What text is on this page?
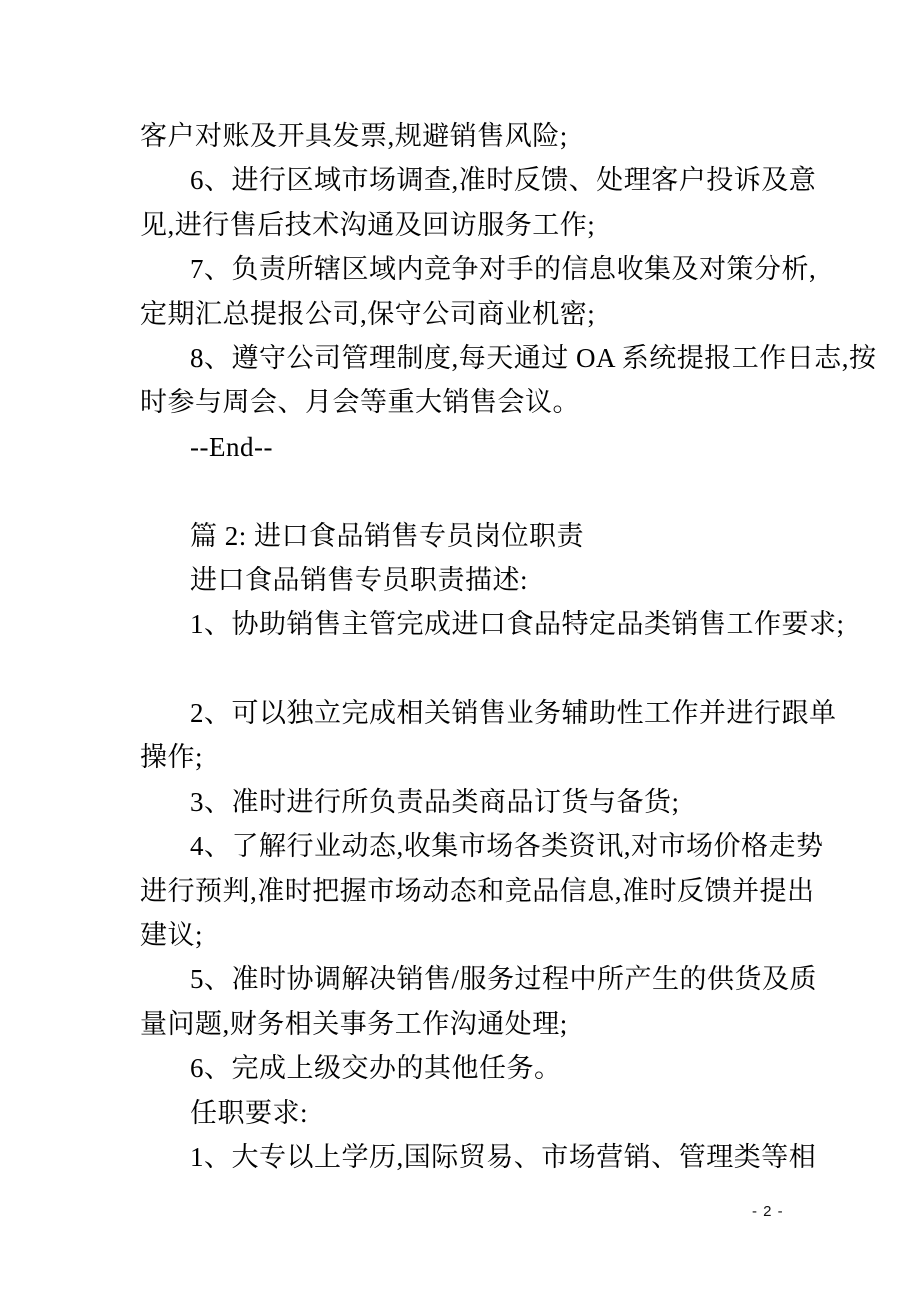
客户对账及开具发票,规避销售风险;
6、进行区域市场调查,准时反馈、处理客户投诉及意
见,进行售后技术沟通及回访服务工作;
7、负责所辖区域内竞争对手的信息收集及对策分析,
定期汇总提报公司,保守公司商业机密;
8、遵守公司管理制度,每天通过 OA 系统提报工作日志,按
时参与周会、月会等重大销售会议。
--End--
篇 2: 进口食品销售专员岗位职责
进口食品销售专员职责描述:
1、协助销售主管完成进口食品特定品类销售工作要求;
2、可以独立完成相关销售业务辅助性工作并进行跟单
操作;
3、准时进行所负责品类商品订货与备货;
4、了解行业动态,收集市场各类资讯,对市场价格走势
进行预判,准时把握市场动态和竞品信息,准时反馈并提出
建议;
5、准时协调解决销售/服务过程中所产生的供货及质
量问题,财务相关事务工作沟通处理;
6、完成上级交办的其他任务。
任职要求:
1、大专以上学历,国际贸易、市场营销、管理类等相
- 2 -
